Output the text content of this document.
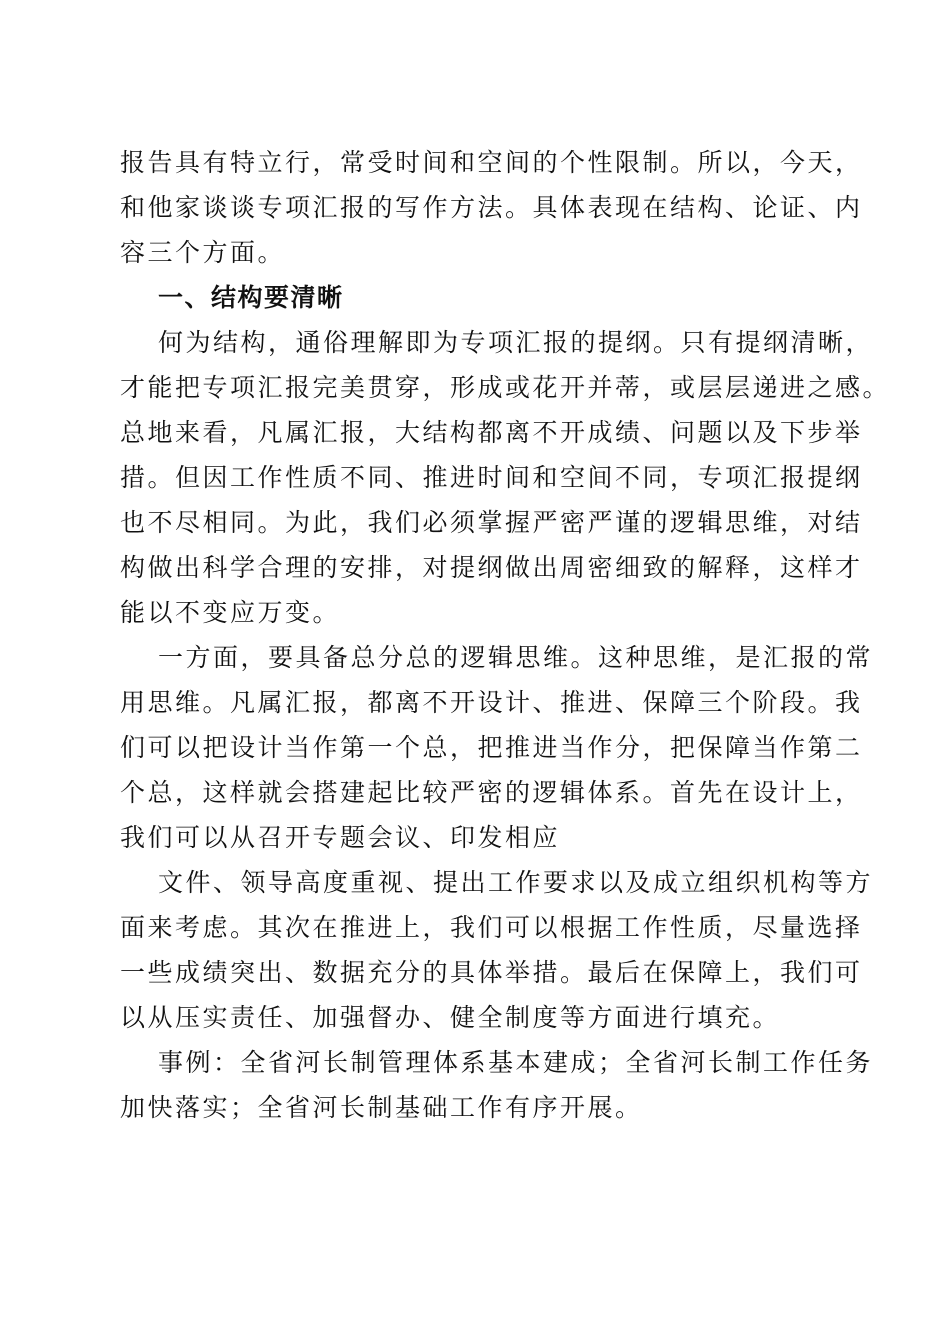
报告具有特立行，常受时间和空间的个性限制。所以，今天，
和他家谈谈专项汇报的写作方法。具体表现在结构、论证、内
容三个方面。
一、结构要清晰
何为结构，通俗理解即为专项汇报的提纲。只有提纲清晰，
才能把专项汇报完美贯穿，形成或花开并蒂，或层层递进之感。
总地来看，凡属汇报，大结构都离不开成绩、问题以及下步举
措。但因工作性质不同、推进时间和空间不同，专项汇报提纲
也不尽相同。为此，我们必须掌握严密严谨的逻辑思维，对结
构做出科学合理的安排，对提纲做出周密细致的解释，这样才
能以不变应万变。
一方面，要具备总分总的逻辑思维。这种思维，是汇报的常
用思维。凡属汇报，都离不开设计、推进、保障三个阶段。我
们可以把设计当作第一个总，把推进当作分，把保障当作第二
个总，这样就会搭建起比较严密的逻辑体系。首先在设计上，
我们可以从召开专题会议、印发相应
文件、领导高度重视、提出工作要求以及成立组织机构等方
面来考虑。其次在推进上，我们可以根据工作性质，尽量选择
一些成绩突出、数据充分的具体举措。最后在保障上，我们可
以从压实责任、加强督办、健全制度等方面进行填充。
事例：全省河长制管理体系基本建成；全省河长制工作任务
加快落实；全省河长制基础工作有序开展。
